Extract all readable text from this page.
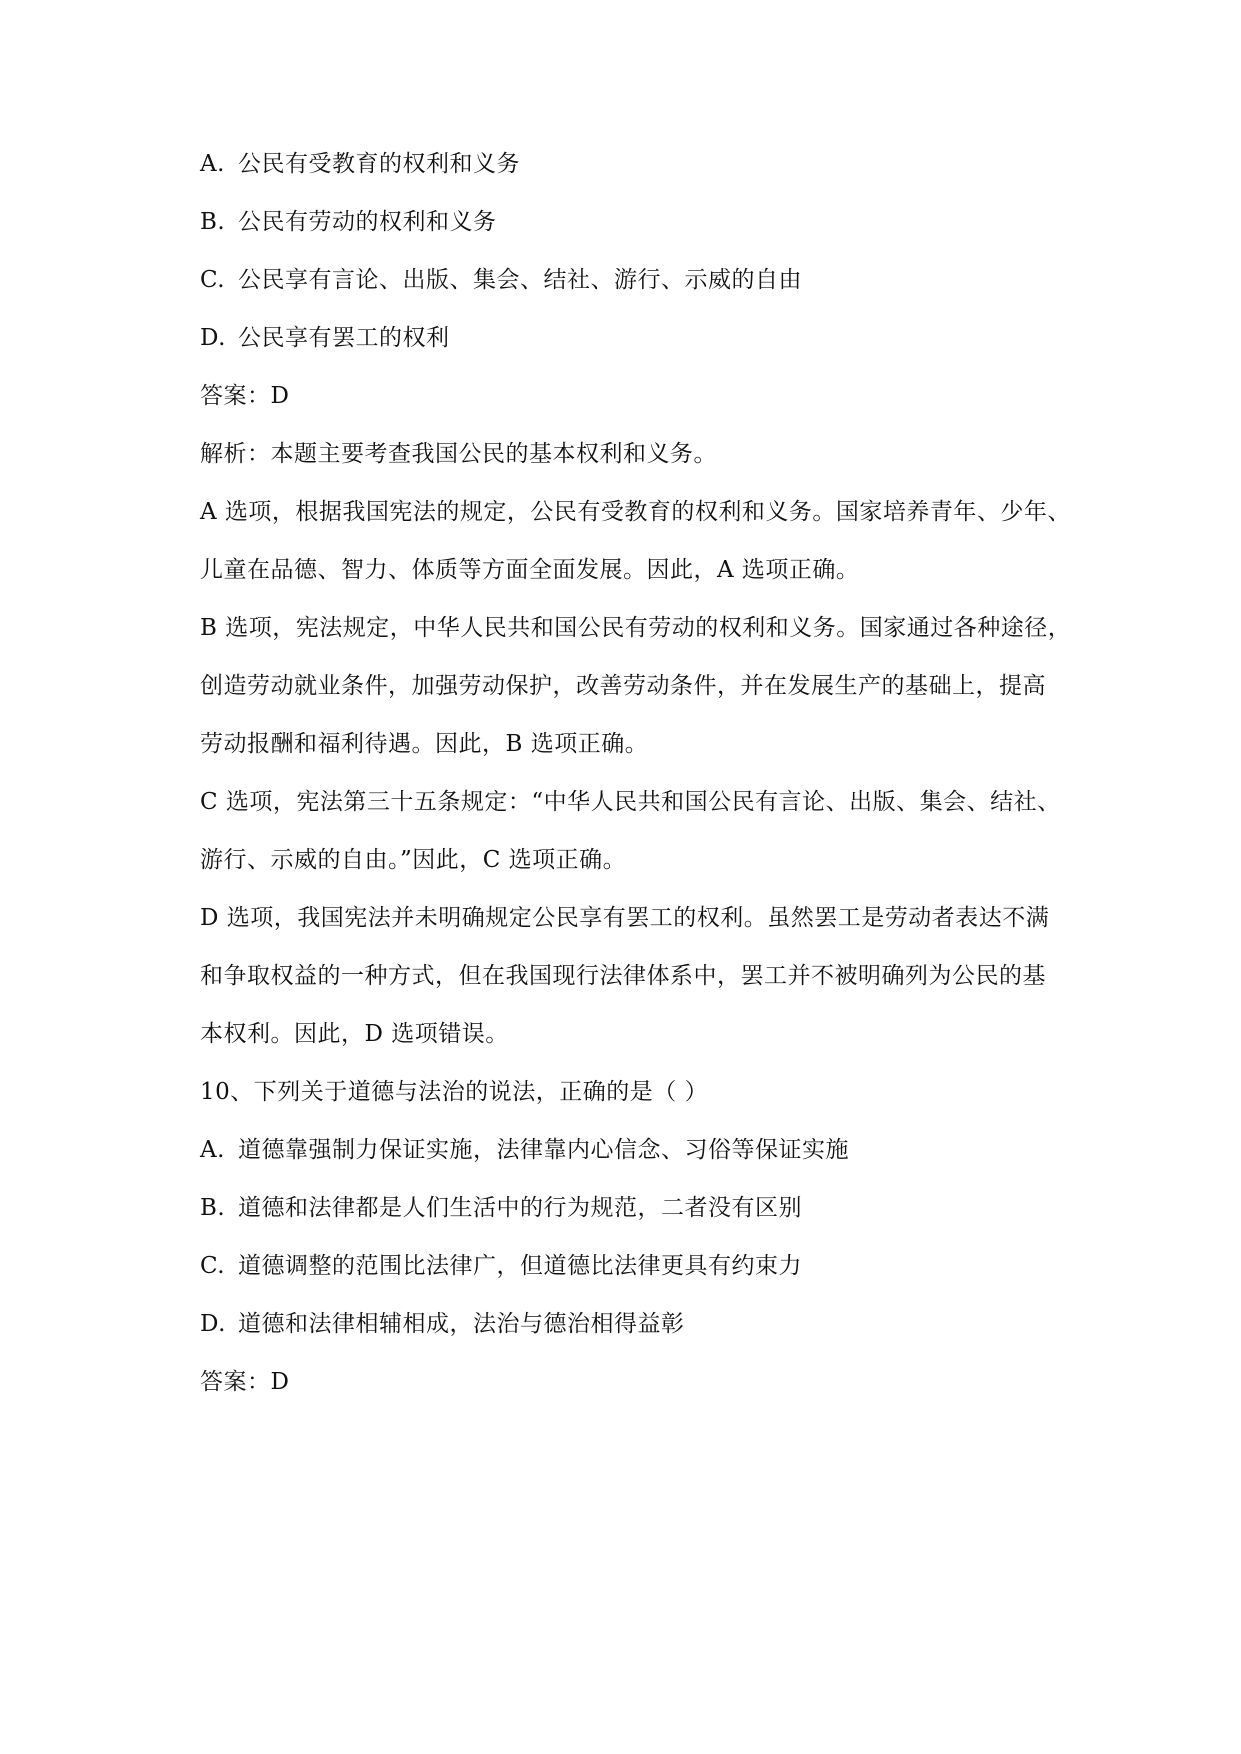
A. 公民有受教育的权利和义务
B. 公民有劳动的权利和义务
C. 公民享有言论、出版、集会、结社、游行、示威的自由
D. 公民享有罢工的权利
答案：D
解析：本题主要考查我国公民的基本权利和义务。
A 选项，根据我国宪法的规定，公民有受教育的权利和义务。国家培养青年、少年、
儿童在品德、智力、体质等方面全面发展。因此，A 选项正确。
B 选项，宪法规定，中华人民共和国公民有劳动的权利和义务。国家通过各种途径，
创造劳动就业条件，加强劳动保护，改善劳动条件，并在发展生产的基础上，提高
劳动报酬和福利待遇。因此，B 选项正确。
C 选项，宪法第三十五条规定：“中华人民共和国公民有言论、出版、集会、结社、
游行、示威的自由。”因此，C 选项正确。
D 选项，我国宪法并未明确规定公民享有罢工的权利。虽然罢工是劳动者表达不满
和争取权益的一种方式，但在我国现行法律体系中，罢工并不被明确列为公民的基
本权利。因此，D 选项错误。
10、下列关于道德与法治的说法，正确的是（ ）
A. 道德靠强制力保证实施，法律靠内心信念、习俗等保证实施
B. 道德和法律都是人们生活中的行为规范，二者没有区别
C. 道德调整的范围比法律广，但道德比法律更具有约束力
D. 道德和法律相辅相成，法治与德治相得益彰
答案：D
